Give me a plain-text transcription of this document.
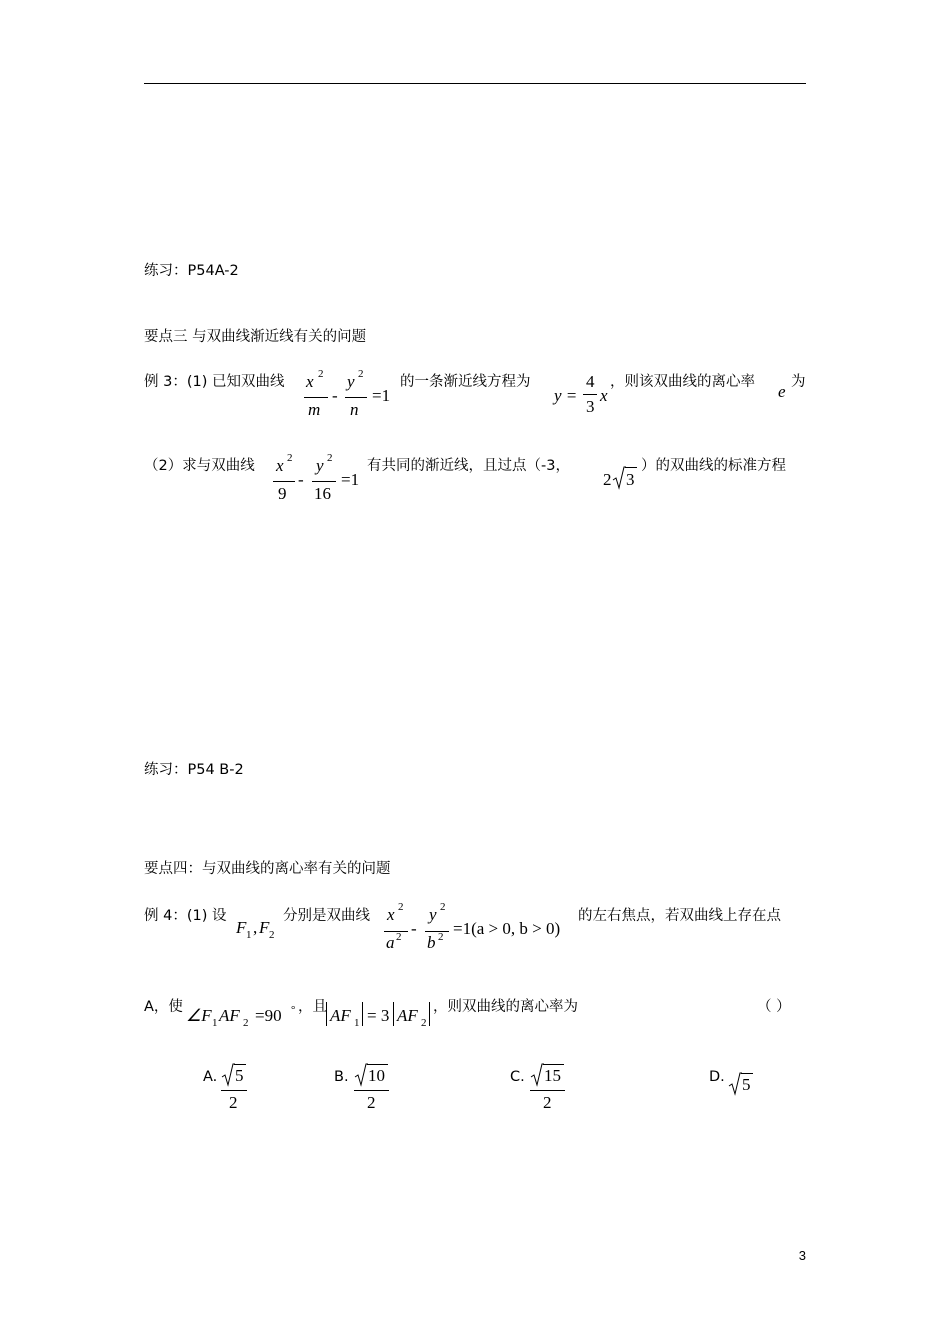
练习：P54A-2
要点三 与双曲线渐近线有关的问题
例 3：(1) 已知双曲线 x 2
m
-
y 2
n
=1
的一条渐近线方程为
y =
4
3
x
，则该双曲线的离心率 e 为
（2）求与双曲线 x 2
9
-
y 2
16
=1
有共同的渐近线，且过点（-3，
2 3
）的双曲线的标准方程
练习：P54 B-2
要点四：与双曲线的离心率有关的问题
例 4：(1) 设
F 1 , F 2
分别是双曲线 x 2
a 2 -
y 2
b 2 =1(a > 0, b > 0)
的左右焦点，若双曲线上存在点
A，使 ∠F 1 AF 2 =90 ° ，且 AF 1 = 3 AF 2
，则双曲线的离心率为	（ ）
A. 5
2
B. 10
2
C. 15
2
D. 5
3
